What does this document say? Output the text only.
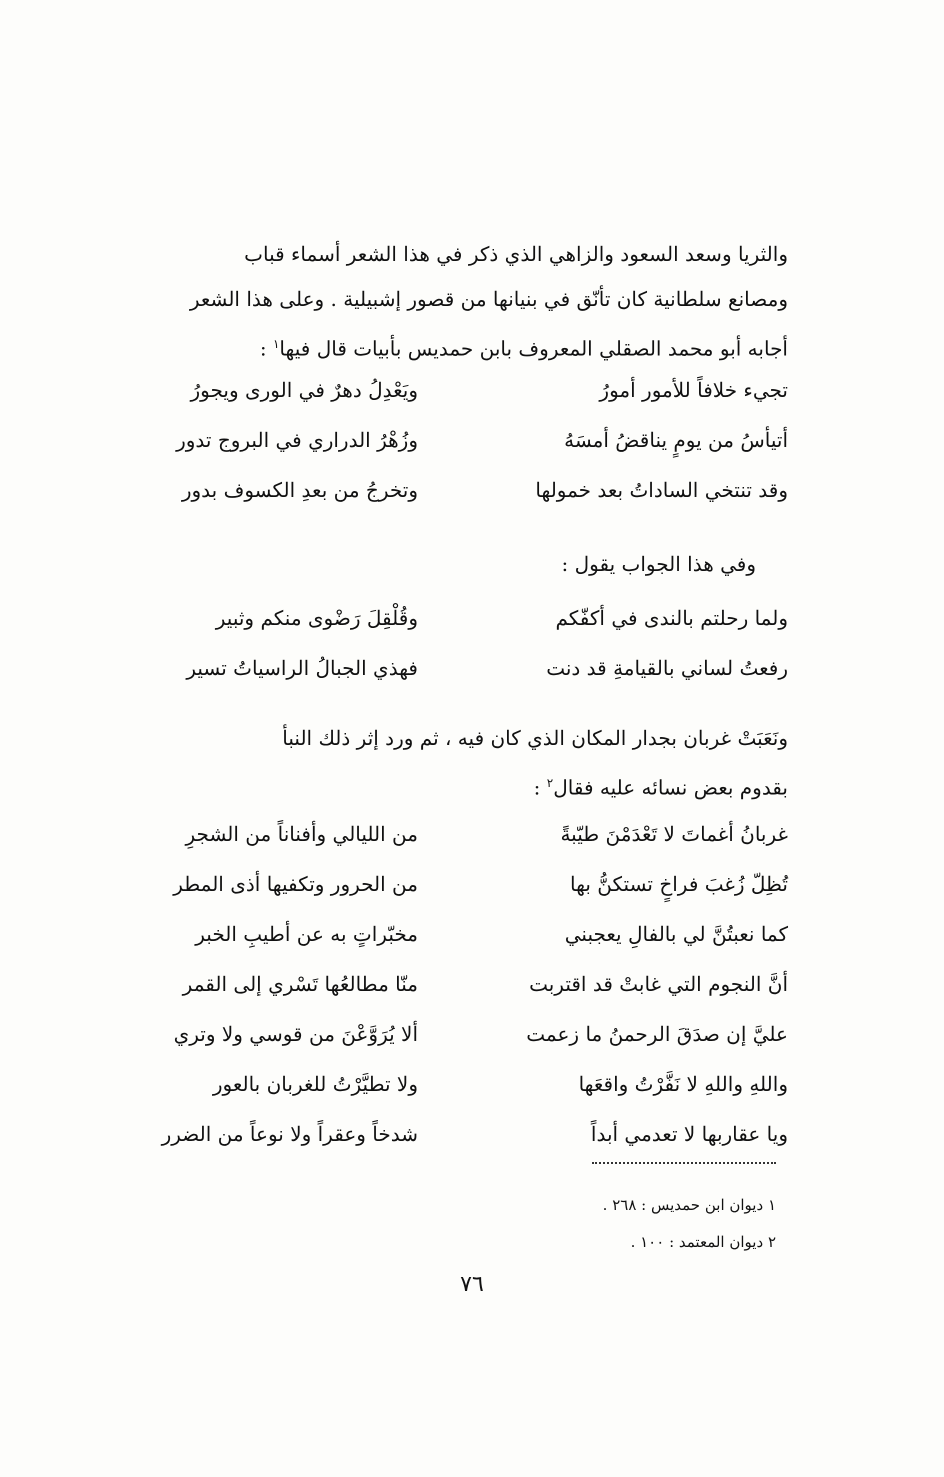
والثريا وسعد السعود والزاهي الذي ذكر في هذا الشعر أسماء قباب
ومصانع سلطانية كان تأنّق في بنيانها من قصور إشبيلية . وعلى هذا الشعر
أجابه أبو محمد الصقلي المعروف بابن حمديس بأبيات قال فيها$^١$ :
تجيء خلافاً للأمور أمورُ
ويَعْدِلُ دهرٌ في الورى ويجورُ
أتيأسُ من يومٍ يناقضُ أمسَهُ
وزُهْرُ الدراري في البروج تدور
وقد تنتخي الساداتُ بعد خمولها
وتخرجُ من بعدِ الكسوف بدور
وفي هذا الجواب يقول :
ولما رحلتم بالندى في أكفّكم
وقُلْقِلَ رَضْوى منكم وثبير
رفعتُ لساني بالقيامةِ قد دنت
فهذي الجبالُ الراسياتُ تسير
ونَعَبَتْ غربان بجدار المكان الذي كان فيه ، ثم ورد إثر ذلك النبأ
بقدوم بعض نسائه عليه فقال$^٢$ :
غربانُ أغماتَ لا تَعْدَمْنَ طيّبةً
من الليالي وأفناناً من الشجرِ
تُظِلّ زُغبَ فراخٍ تستكنُّ بها
من الحرور وتكفيها أذى المطر
كما نعبتُنَّ لي بالفالِ يعجبني
مخبّراتٍ به عن أطيبِ الخبر
أنَّ النجوم التي غابتْ قد اقتربت
منّا مطالعُها تَسْري إلى القمر
عليَّ إن صدَقَ الرحمنُ ما زعمت
ألا يُرَوَّعْنَ من قوسي ولا وتري
واللهِ واللهِ لا نَفَّرْتُ واقعَها
ولا تطيَّرْتُ للغربان بالعور
ويا عقاربها لا تعدمي أبداً
شدخاً وعقراً ولا نوعاً من الضرر
١ ديوان ابن حمديس : ٢٦٨ .
٢ ديوان المعتمد : ١٠٠ .
٧٦
